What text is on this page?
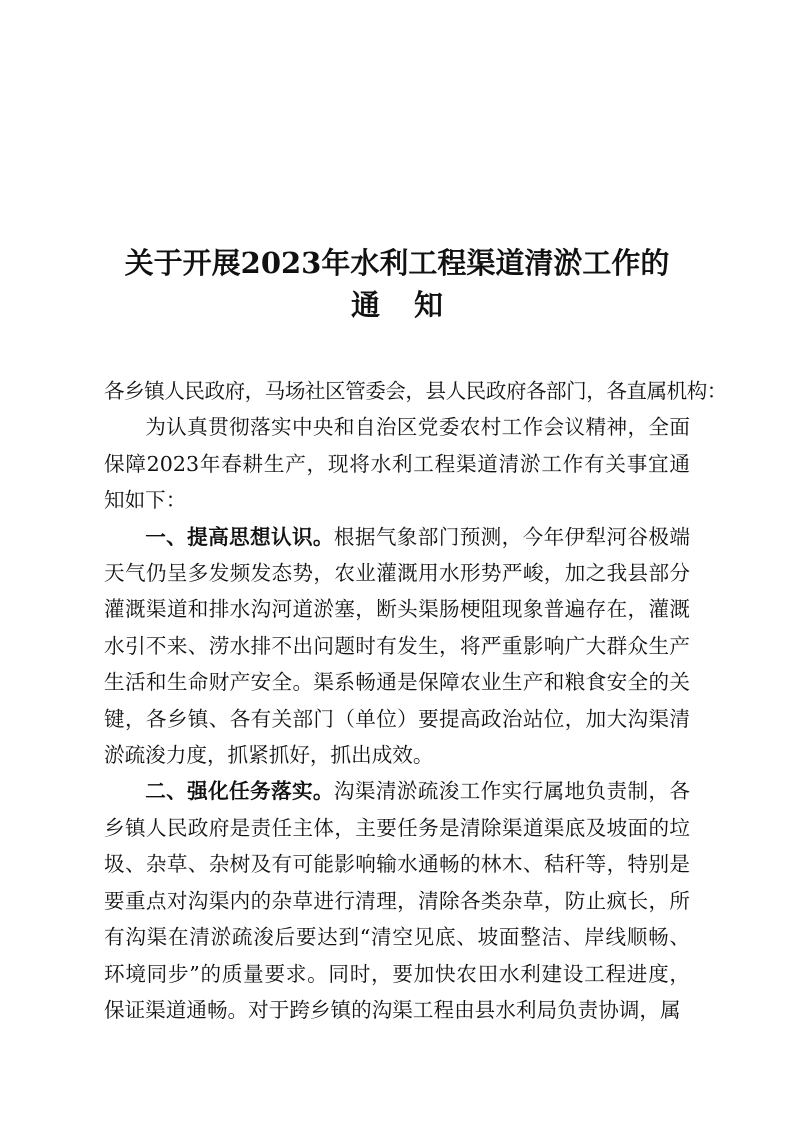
关于开展2023年水利工程渠道清淤工作的
通 知

各乡镇人民政府，马场社区管委会，县人民政府各部门，各直属机构：

为认真贯彻落实中央和自治区党委农村工作会议精神，全面保障2023年春耕生产，现将水利工程渠道清淤工作有关事宜通知如下：

一、提高思想认识。根据气象部门预测，今年伊犁河谷极端天气仍呈多发频发态势，农业灌溉用水形势严峻，加之我县部分灌溉渠道和排水沟河道淤塞，断头渠肠梗阻现象普遍存在，灌溉水引不来、涝水排不出问题时有发生，将严重影响广大群众生产生活和生命财产安全。渠系畅通是保障农业生产和粮食安全的关键，各乡镇、各有关部门（单位）要提高政治站位，加大沟渠清淤疏浚力度，抓紧抓好，抓出成效。

二、强化任务落实。沟渠清淤疏浚工作实行属地负责制，各乡镇人民政府是责任主体，主要任务是清除渠道渠底及坡面的垃圾、杂草、杂树及有可能影响输水通畅的林木、秸秆等，特别是要重点对沟渠内的杂草进行清理，清除各类杂草，防止疯长，所有沟渠在清淤疏浚后要达到“清空见底、坡面整洁、岸线顺畅、环境同步”的质量要求。同时，要加快农田水利建设工程进度，保证渠道通畅。对于跨乡镇的沟渠工程由县水利局负责协调，属
